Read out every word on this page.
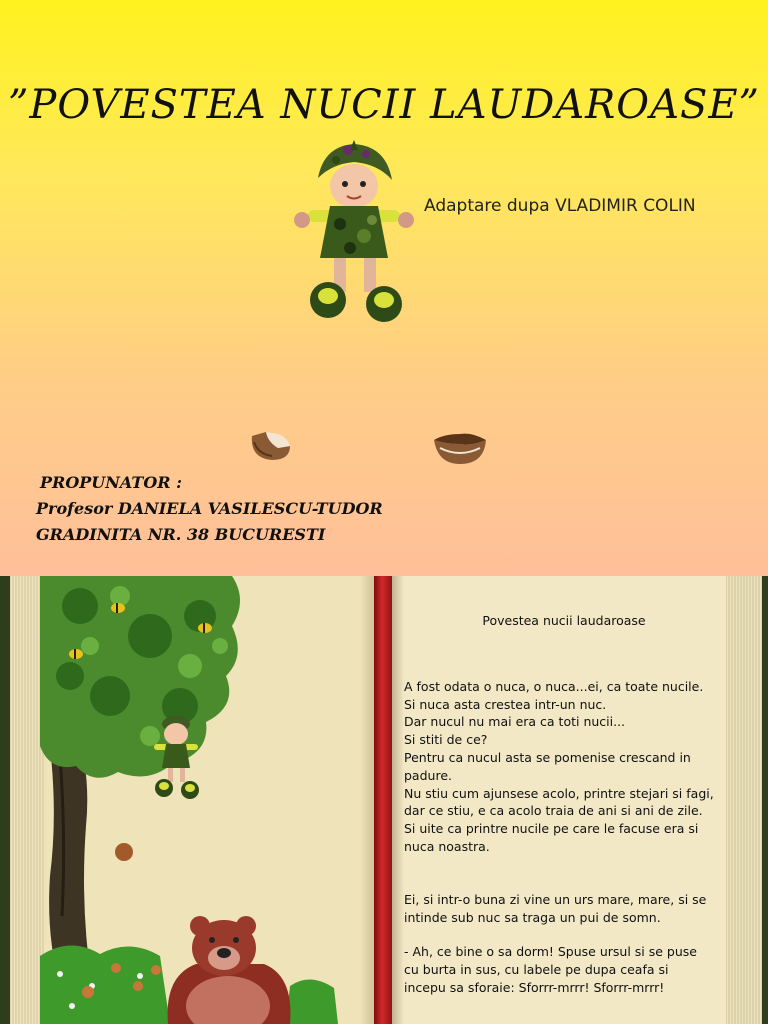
”POVESTEA NUCII LAUDAROASE”
Adaptare dupa VLADIMIR COLIN
PROPUNATOR :
Profesor DANIELA VASILESCU-TUDOR
GRADINITA NR. 38 BUCURESTI
Povestea nucii laudaroase

A fost odata o nuca, o nuca...ei, ca toate nucile.

Si nuca asta crestea intr-un nuc.

Dar nucul nu mai era ca toti nucii...

Si stiti de ce?

Pentru ca nucul asta se pomenise crescand in padure.

Nu stiu cum ajunsese acolo, printre stejari si fagi, dar ce stiu, e ca acolo traia de ani si ani de zile.

Si uite ca printre nucile pe care le facuse era si nuca noastra.

Ei, si intr-o buna zi vine un urs mare, mare, si se intinde sub nuc sa traga un pui de somn.

- Ah, ce bine o sa dorm! Spuse ursul si se puse cu burta in sus, cu labele pe dupa ceafa si incepu sa sforaie: Sforrr-mrrr! Sforrr-mrrr!
